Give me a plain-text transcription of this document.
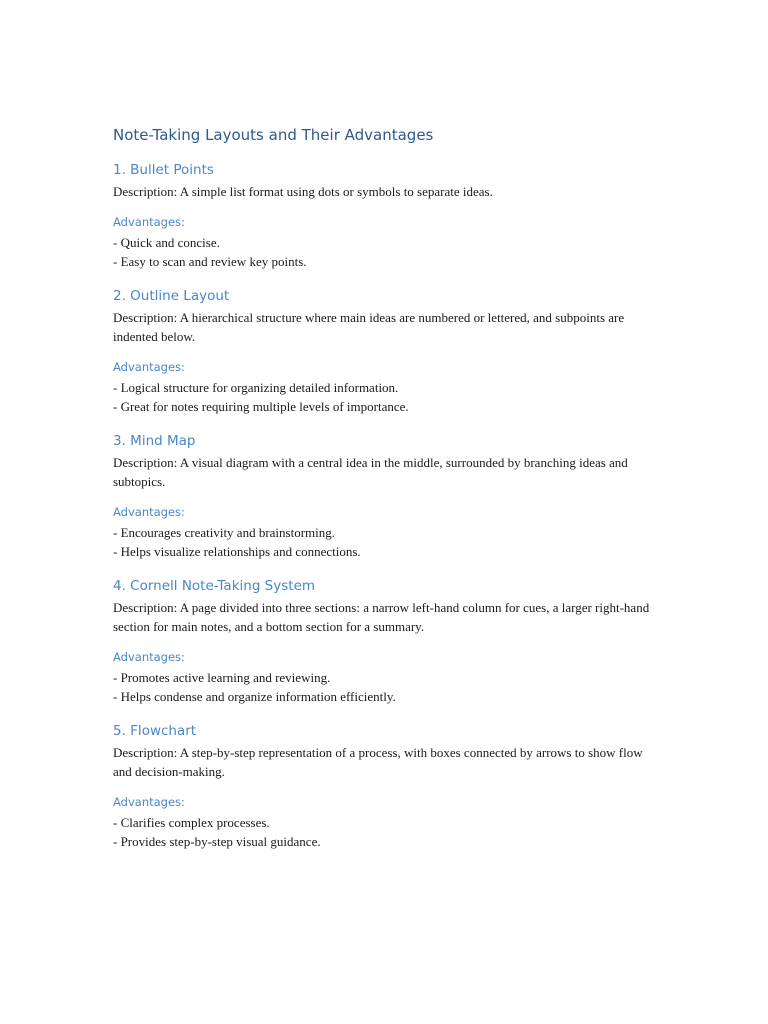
Note-Taking Layouts and Their Advantages
1. Bullet Points

Description: A simple list format using dots or symbols to separate ideas.

Advantages:
- Quick and concise.
- Easy to scan and review key points.
2. Outline Layout

Description: A hierarchical structure where main ideas are numbered or lettered, and subpoints are indented below.

Advantages:
- Logical structure for organizing detailed information.
- Great for notes requiring multiple levels of importance.
3. Mind Map

Description: A visual diagram with a central idea in the middle, surrounded by branching ideas and subtopics.

Advantages:
- Encourages creativity and brainstorming.
- Helps visualize relationships and connections.
4. Cornell Note-Taking System

Description: A page divided into three sections: a narrow left-hand column for cues, a larger right-hand section for main notes, and a bottom section for a summary.

Advantages:
- Promotes active learning and reviewing.
- Helps condense and organize information efficiently.
5. Flowchart

Description: A step-by-step representation of a process, with boxes connected by arrows to show flow and decision-making.

Advantages:
- Clarifies complex processes.
- Provides step-by-step visual guidance.
